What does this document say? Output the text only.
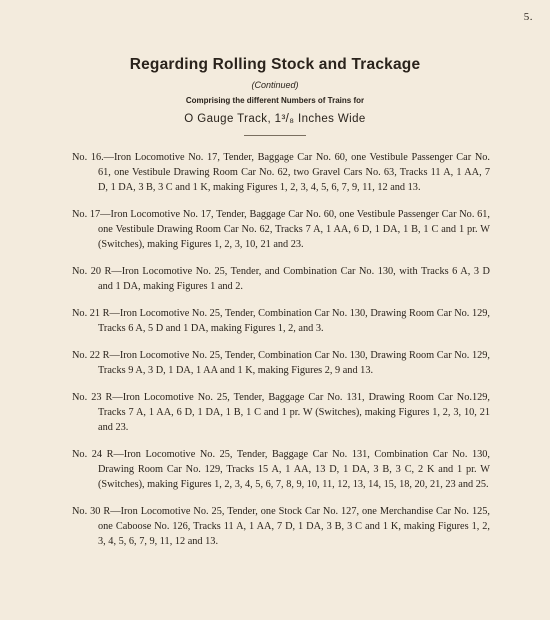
5.
Regarding Rolling Stock and Trackage
(Continued)
Comprising the different Numbers of Trains for
O Gauge Track, 1³/₈ Inches Wide

No. 16.—Iron Locomotive No. 17, Tender, Baggage Car No. 60, one Vestibule Passenger Car No. 61, one Vestibule Drawing Room Car No. 62, two Gravel Cars No. 63, Tracks 11 A, 1 AA, 7 D, 1 DA, 3 B, 3 C and 1 K, making Figures 1, 2, 3, 4, 5, 6, 7, 9, 11, 12 and 13.

No. 17—Iron Locomotive No. 17, Tender, Baggage Car No. 60, one Vestibule Passenger Car No. 61, one Vestibule Drawing Room Car No. 62, Tracks 7 A, 1 AA, 6 D, 1 DA, 1 B, 1 C and 1 pr. W (Switches), making Figures 1, 2, 3, 10, 21 and 23.

No. 20 R—Iron Locomotive No. 25, Tender, and Combination Car No. 130, with Tracks 6 A, 3 D and 1 DA, making Figures 1 and 2.

No. 21 R—Iron Locomotive No. 25, Tender, Combination Car No. 130, Drawing Room Car No. 129, Tracks 6 A, 5 D and 1 DA, making Figures 1, 2, and 3.

No. 22 R—Iron Locomotive No. 25, Tender, Combination Car No. 130, Drawing Room Car No. 129, Tracks 9 A, 3 D, 1 DA, 1 AA and 1 K, making Figures 2, 9 and 13.

No. 23 R—Iron Locomotive No. 25, Tender, Baggage Car No. 131, Drawing Room Car No.129, Tracks 7 A, 1 AA, 6 D, 1 DA, 1 B, 1 C and 1 pr. W (Switches), making Figures 1, 2, 3, 10, 21 and 23.

No. 24 R—Iron Locomotive No. 25, Tender, Baggage Car No. 131, Combination Car No. 130, Drawing Room Car No. 129, Tracks 15 A, 1 AA, 13 D, 1 DA, 3 B, 3 C, 2 K and 1 pr. W (Switches), making Figures 1, 2, 3, 4, 5, 6, 7, 8, 9, 10, 11, 12, 13, 14, 15, 18, 20, 21, 23 and 25.

No. 30 R—Iron Locomotive No. 25, Tender, one Stock Car No. 127, one Merchandise Car No. 125, one Caboose No. 126, Tracks 11 A, 1 AA, 7 D, 1 DA, 3 B, 3 C and 1 K, making Figures 1, 2, 3, 4, 5, 6, 7, 9, 11, 12 and 13.
